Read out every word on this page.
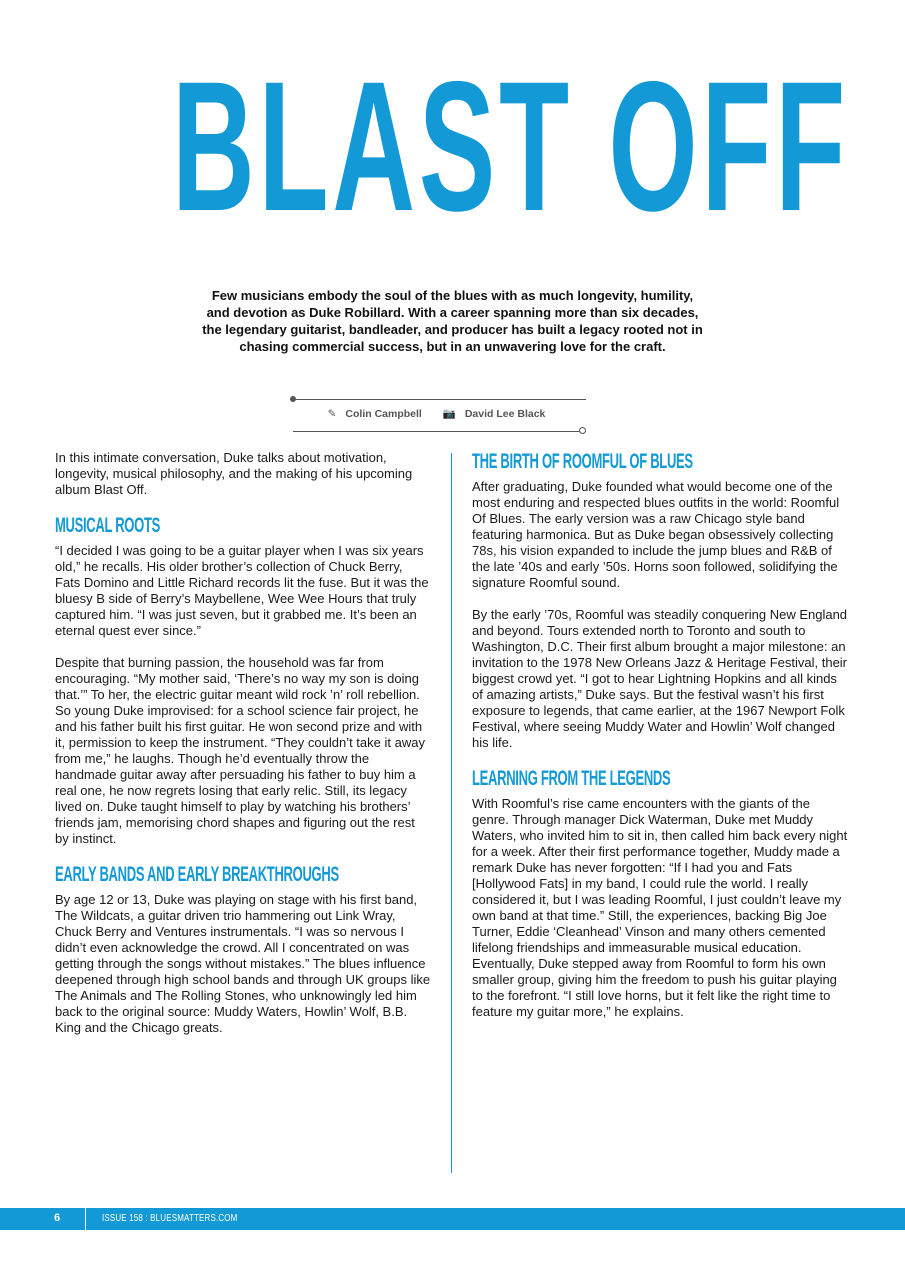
BLAST OFF
Few musicians embody the soul of the blues with as much longevity, humility, and devotion as Duke Robillard. With a career spanning more than six decades, the legendary guitarist, bandleader, and producer has built a legacy rooted not in chasing commercial success, but in an unwavering love for the craft.
✎ Colin Campbell 📷 David Lee Black

In this intimate conversation, Duke talks about motivation, longevity, musical philosophy, and the making of his upcoming album Blast Off.

MUSICAL ROOTS

“I decided I was going to be a guitar player when I was six years old,” he recalls. His older brother’s collection of Chuck Berry, Fats Domino and Little Richard records lit the fuse. But it was the bluesy B side of Berry’s Maybellene, Wee Wee Hours that truly captured him. “I was just seven, but it grabbed me. It’s been an eternal quest ever since.”

Despite that burning passion, the household was far from encouraging. “My mother said, ‘There’s no way my son is doing that.’” To her, the electric guitar meant wild rock ’n’ roll rebellion. So young Duke improvised: for a school science fair project, he and his father built his first guitar. He won second prize and with it, permission to keep the instrument. “They couldn’t take it away from me,” he laughs. Though he’d eventually throw the handmade guitar away after persuading his father to buy him a real one, he now regrets losing that early relic. Still, its legacy lived on. Duke taught himself to play by watching his brothers’ friends jam, memorising chord shapes and figuring out the rest by instinct.

EARLY BANDS AND EARLY BREAKTHROUGHS

By age 12 or 13, Duke was playing on stage with his first band, The Wildcats, a guitar driven trio hammering out Link Wray, Chuck Berry and Ventures instrumentals. “I was so nervous I didn’t even acknowledge the crowd. All I concentrated on was getting through the songs without mistakes.” The blues influence deepened through high school bands and through UK groups like The Animals and The Rolling Stones, who unknowingly led him back to the original source: Muddy Waters, Howlin’ Wolf, B.B. King and the Chicago greats.

THE BIRTH OF ROOMFUL OF BLUES

After graduating, Duke founded what would become one of the most enduring and respected blues outfits in the world: Roomful Of Blues. The early version was a raw Chicago style band featuring harmonica. But as Duke began obsessively collecting 78s, his vision expanded to include the jump blues and R&B of the late ’40s and early ’50s. Horns soon followed, solidifying the signature Roomful sound.

By the early ’70s, Roomful was steadily conquering New England and beyond. Tours extended north to Toronto and south to Washington, D.C. Their first album brought a major milestone: an invitation to the 1978 New Orleans Jazz & Heritage Festival, their biggest crowd yet. “I got to hear Lightning Hopkins and all kinds of amazing artists,” Duke says. But the festival wasn’t his first exposure to legends, that came earlier, at the 1967 Newport Folk Festival, where seeing Muddy Water and Howlin’ Wolf changed his life.

LEARNING FROM THE LEGENDS

With Roomful’s rise came encounters with the giants of the genre. Through manager Dick Waterman, Duke met Muddy Waters, who invited him to sit in, then called him back every night for a week. After their first performance together, Muddy made a remark Duke has never forgotten: “If I had you and Fats [Hollywood Fats] in my band, I could rule the world. I really considered it, but I was leading Roomful, I just couldn’t leave my own band at that time.” Still, the experiences, backing Big Joe Turner, Eddie ‘Cleanhead’ Vinson and many others cemented lifelong friendships and immeasurable musical education. Eventually, Duke stepped away from Roomful to form his own smaller group, giving him the freedom to push his guitar playing to the forefront. “I still love horns, but it felt like the right time to feature my guitar more,” he explains.

6	ISSUE 158 : BLUESMATTERS.COM
